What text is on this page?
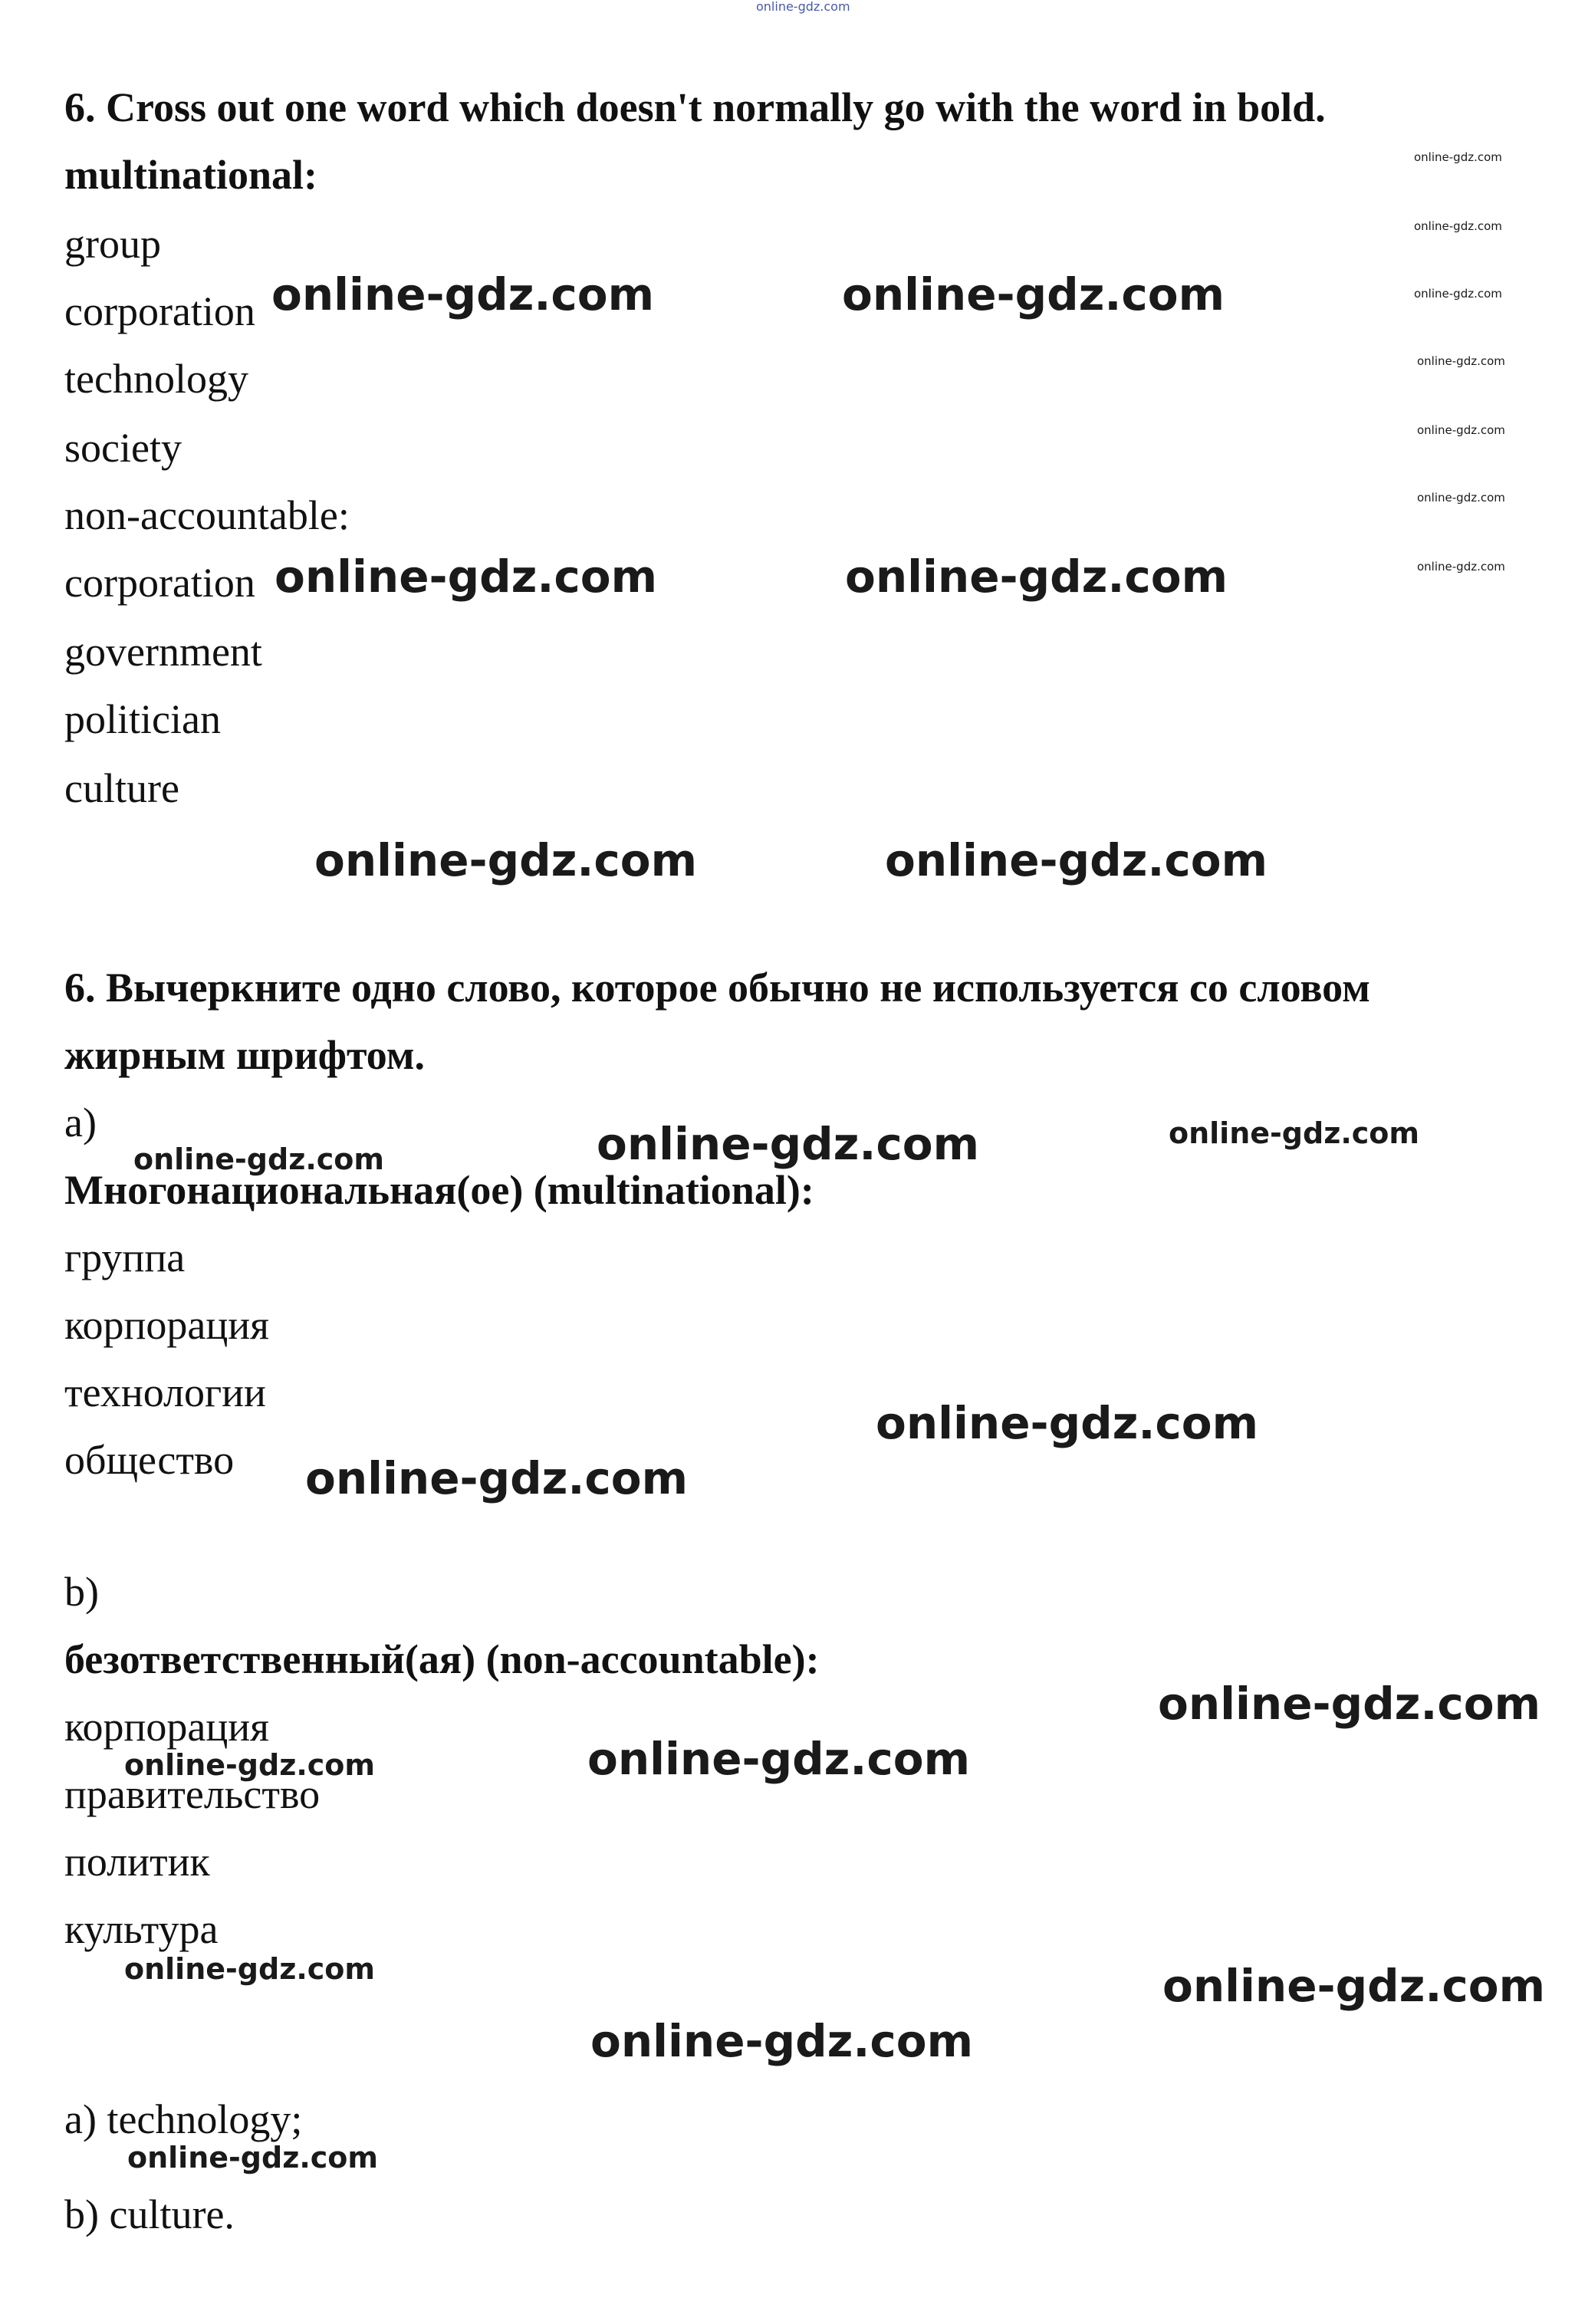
online-gdz.com
6. Cross out one word which doesn't normally go with the word in bold.
multinational:
group
corporation
technology
society
non-accountable:
corporation
government
politician
culture
6. Вычеркните одно слово, которое обычно не используется со словом
жирным шрифтом.
a)
Многонациональная(ое) (multinational):
группа
корпорация
технологии
общество
b)
безответственный(ая) (non-accountable):
корпорация
правительство
политик
культура
a) technology;
b) culture.
online-gdz.com	online-gdz.com
online-gdz.com	online-gdz.com
online-gdz.com	online-gdz.com
online-gdz.com
online-gdz.com
online-gdz.com
online-gdz.com
online-gdz.com
online-gdz.com
online-gdz.com
online-gdz.com
online-gdz.com
online-gdz.com
online-gdz.com
online-gdz.com
online-gdz.com
online-gdz.com
online-gdz.com
online-gdz.com
online-gdz.com
online-gdz.com
online-gdz.com
